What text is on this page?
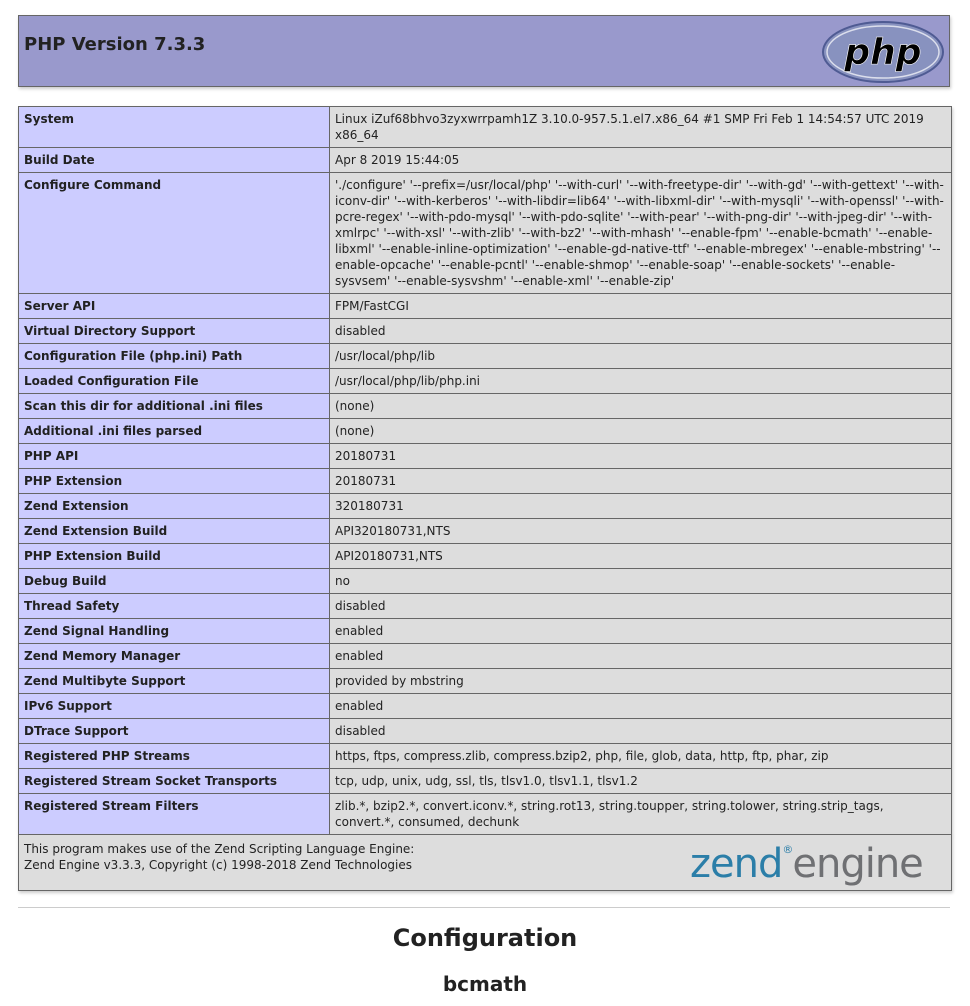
PHP Version 7.3.3	php
System	Linux iZuf68bhvo3zyxwrrpamh1Z 3.10.0-957.5.1.el7.x86_64 #1 SMP Fri Feb 1 14:54:57 UTC 2019 x86_64
Build Date	Apr 8 2019 15:44:05
Configure Command	'./configure' '--prefix=/usr/local/php' '--with-curl' '--with-freetype-dir' '--with-gd' '--with-gettext' '--with-iconv-dir' '--with-kerberos' '--with-libdir=lib64' '--with-libxml-dir' '--with-mysqli' '--with-openssl' '--with-pcre-regex' '--with-pdo-mysql' '--with-pdo-sqlite' '--with-pear' '--with-png-dir' '--with-jpeg-dir' '--with-xmlrpc' '--with-xsl' '--with-zlib' '--with-bz2' '--with-mhash' '--enable-fpm' '--enable-bcmath' '--enable-libxml' '--enable-inline-optimization' '--enable-gd-native-ttf' '--enable-mbregex' '--enable-mbstring' '--enable-opcache' '--enable-pcntl' '--enable-shmop' '--enable-soap' '--enable-sockets' '--enable-sysvsem' '--enable-sysvshm' '--enable-xml' '--enable-zip'
Server API	FPM/FastCGI
Virtual Directory Support	disabled
Configuration File (php.ini) Path	/usr/local/php/lib
Loaded Configuration File	/usr/local/php/lib/php.ini
Scan this dir for additional .ini files	(none)
Additional .ini files parsed	(none)
PHP API	20180731
PHP Extension	20180731
Zend Extension	320180731
Zend Extension Build	API320180731,NTS
PHP Extension Build	API20180731,NTS
Debug Build	no
Thread Safety	disabled
Zend Signal Handling	enabled
Zend Memory Manager	enabled
Zend Multibyte Support	provided by mbstring
IPv6 Support	enabled
DTrace Support	disabled
Registered PHP Streams	https, ftps, compress.zlib, compress.bzip2, php, file, glob, data, http, ftp, phar, zip
Registered Stream Socket Transports	tcp, udp, unix, udg, ssl, tls, tlsv1.0, tlsv1.1, tlsv1.2
Registered Stream Filters	zlib.*, bzip2.*, convert.iconv.*, string.rot13, string.toupper, string.tolower, string.strip_tags, convert.*, consumed, dechunk
This program makes use of the Zend Scripting Language Engine:
Zend Engine v3.3.3, Copyright (c) 1998-2018 Zend Technologies	zend®engine
Configuration
bcmath
